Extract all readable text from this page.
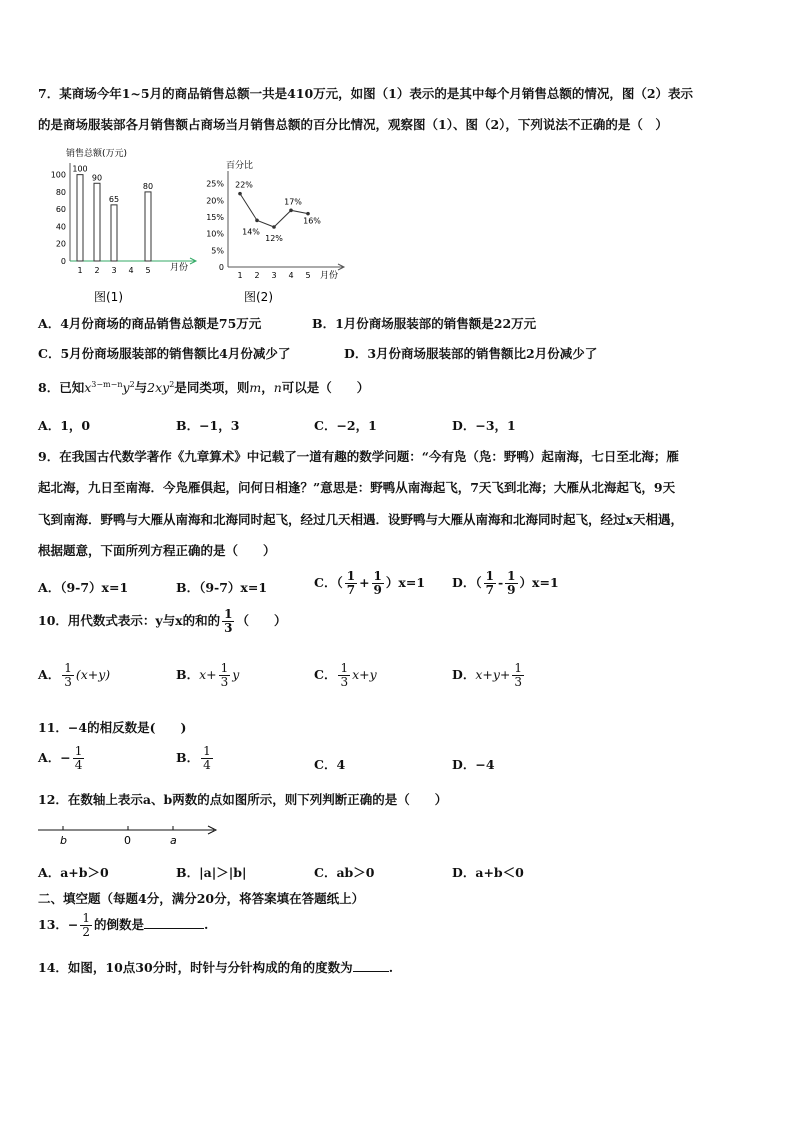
7．某商场今年1~5月的商品销售总额一共是410万元，如图（1）表示的是其中每个月销售总额的情况，图（2）表示
的是商场服装部各月销售额占商场当月销售总额的百分比情况，观察图（1）、图（2），下列说法不正确的是（　）
销售总额(万元)
月份
图(1)
0
20
40
60
80
100
1 2 3 4 5
100
90
65
80
百分比
月份
图(2)
0
5%
10%
15%
20%
25%
1 2 3 4 5
22%
14%
12%
17%
16%
A．4月份商场的商品销售总额是75万元	B．1月份商场服装部的销售额是22万元
C．5月份商场服装部的销售额比4月份减少了	D．3月份商场服装部的销售额比2月份减少了
8．已知$x^{3-m-n}y^2$与$2xy^2$是同类项，则m，n可以是（　　）
A．1，0	B．−1，3	C．−2，1	D．−3，1
9．在我国古代数学著作《九章算术》中记载了一道有趣的数学问题：“今有凫（凫：野鸭）起南海，七日至北海；雁
起北海，九日至南海．今凫雁俱起，问何日相逢？”意思是：野鸭从南海起飞，7天飞到北海；大雁从北海起飞，9天
飞到南海．野鸭与大雁从南海和北海同时起飞，经过几天相遇．设野鸭与大雁从南海和北海同时起飞，经过x天相遇，
根据题意，下面所列方程正确的是（　　）
A．（9-7）x=1	B．（9-7）x=1	C．（ $\frac{1}{7} + \frac{1}{9} )x=1$ D．（ $\frac{1}{7} - \frac{1}{9} )x=1$
10．用代数式表示：y与x的和的 $\frac{1}{3}$ （　　）
A． $\frac{1}{3} (x+y)$	B．$x+ \frac{1}{3}$ y	C． $\frac{1}{3} x+y$	D．$x+y+ \frac{1}{3}$
11．−4的相反数是(　　)
A．− $\frac{1}{4}$	B． $\frac{1}{4}$	C．4	D．−4
12．在数轴上表示a、b两数的点如图所示，则下列判断正确的是（　　）
b	0	a
A．a+b＞0	B．|a|＞|b|	C．ab＞0	D．a+b＜0
二、填空题（每题4分，满分20分，将答案填在答题纸上）
13．− $\frac{1}{2}$ 的倒数是	.
14．如图，10点30分时，时针与分针构成的角的度数为	.
